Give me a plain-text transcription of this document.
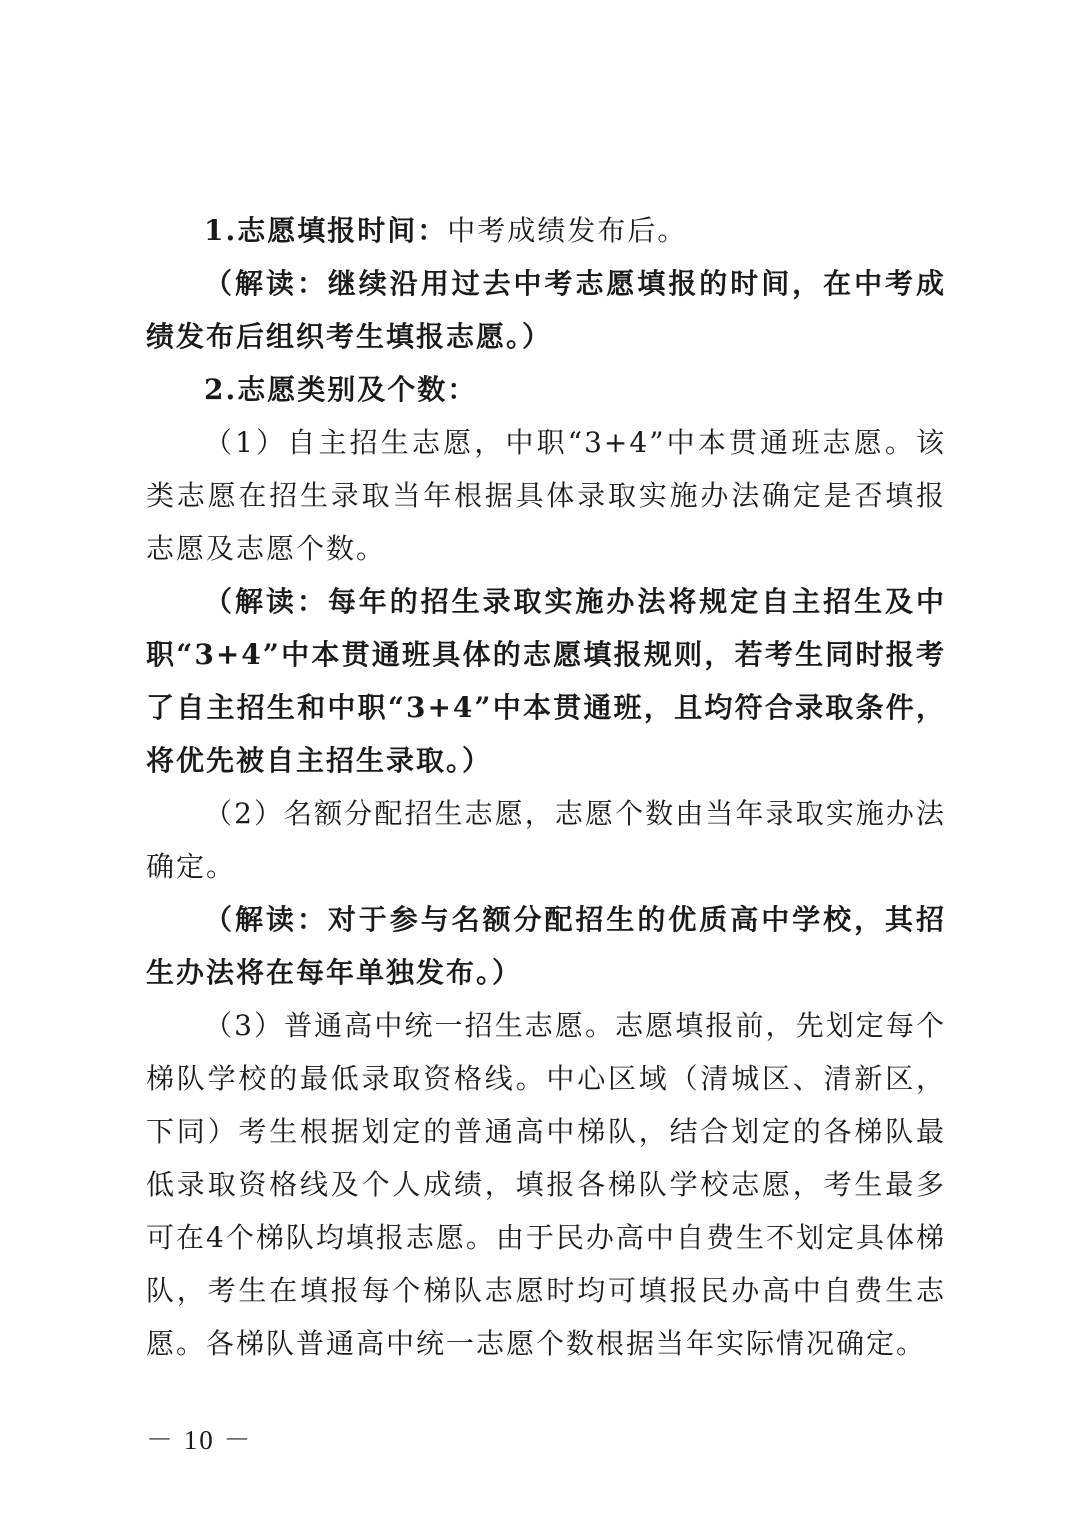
1.志愿填报时间：中考成绩发布后。

（解读：继续沿用过去中考志愿填报的时间，在中考成绩发布后组织考生填报志愿。）

2.志愿类别及个数：

（1）自主招生志愿，中职“3+4”中本贯通班志愿。该类志愿在招生录取当年根据具体录取实施办法确定是否填报志愿及志愿个数。

（解读：每年的招生录取实施办法将规定自主招生及中职“3+4”中本贯通班具体的志愿填报规则，若考生同时报考了自主招生和中职“3+4”中本贯通班，且均符合录取条件，将优先被自主招生录取。）

（2）名额分配招生志愿，志愿个数由当年录取实施办法确定。

（解读：对于参与名额分配招生的优质高中学校，其招生办法将在每年单独发布。）

（3）普通高中统一招生志愿。志愿填报前，先划定每个梯队学校的最低录取资格线。中心区域（清城区、清新区，下同）考生根据划定的普通高中梯队，结合划定的各梯队最低录取资格线及个人成绩，填报各梯队学校志愿，考生最多可在4个梯队均填报志愿。由于民办高中自费生不划定具体梯队，考生在填报每个梯队志愿时均可填报民办高中自费生志愿。各梯队普通高中统一志愿个数根据当年实际情况确定。

－ 10 －
